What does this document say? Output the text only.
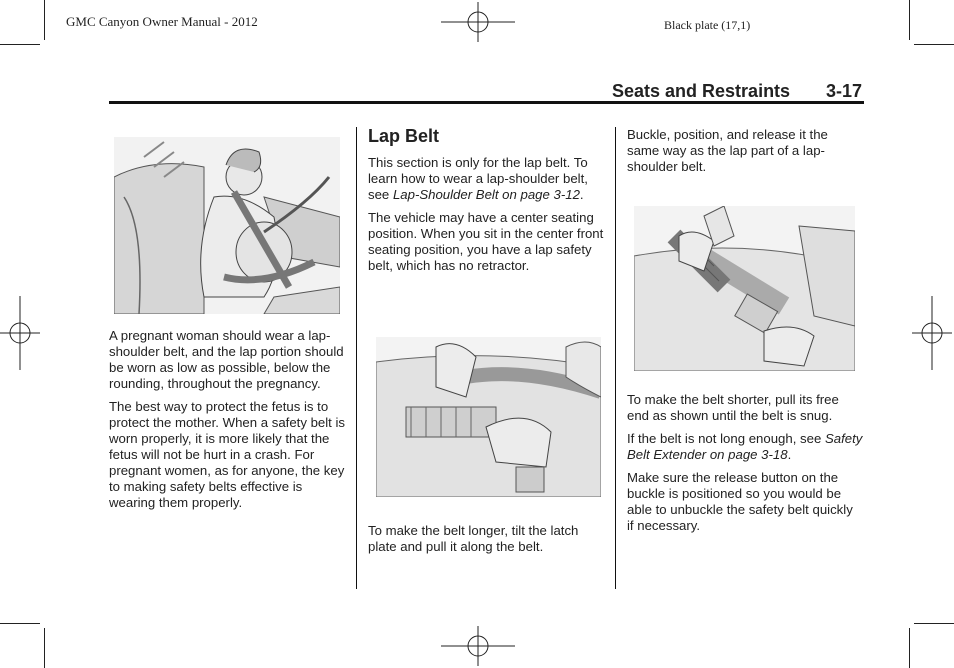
GMC Canyon Owner Manual - 2012	Black plate (17,1)
Seats and Restraints 3-17

A pregnant woman should wear a lap-shoulder belt, and the lap portion should be worn as low as possible, below the rounding, throughout the pregnancy.

The best way to protect the fetus is to protect the mother. When a safety belt is worn properly, it is more likely that the fetus will not be hurt in a crash. For pregnant women, as for anyone, the key to making safety belts effective is wearing them properly.

Lap Belt

This section is only for the lap belt. To learn how to wear a lap-shoulder belt, see Lap-Shoulder Belt on page 3-12.

The vehicle may have a center seating position. When you sit in the center front seating position, you have a lap safety belt, which has no retractor.

To make the belt longer, tilt the latch plate and pull it along the belt.

Buckle, position, and release it the same way as the lap part of a lap-shoulder belt.

To make the belt shorter, pull its free end as shown until the belt is snug.

If the belt is not long enough, see Safety Belt Extender on page 3-18.

Make sure the release button on the buckle is positioned so you would be able to unbuckle the safety belt quickly if necessary.
